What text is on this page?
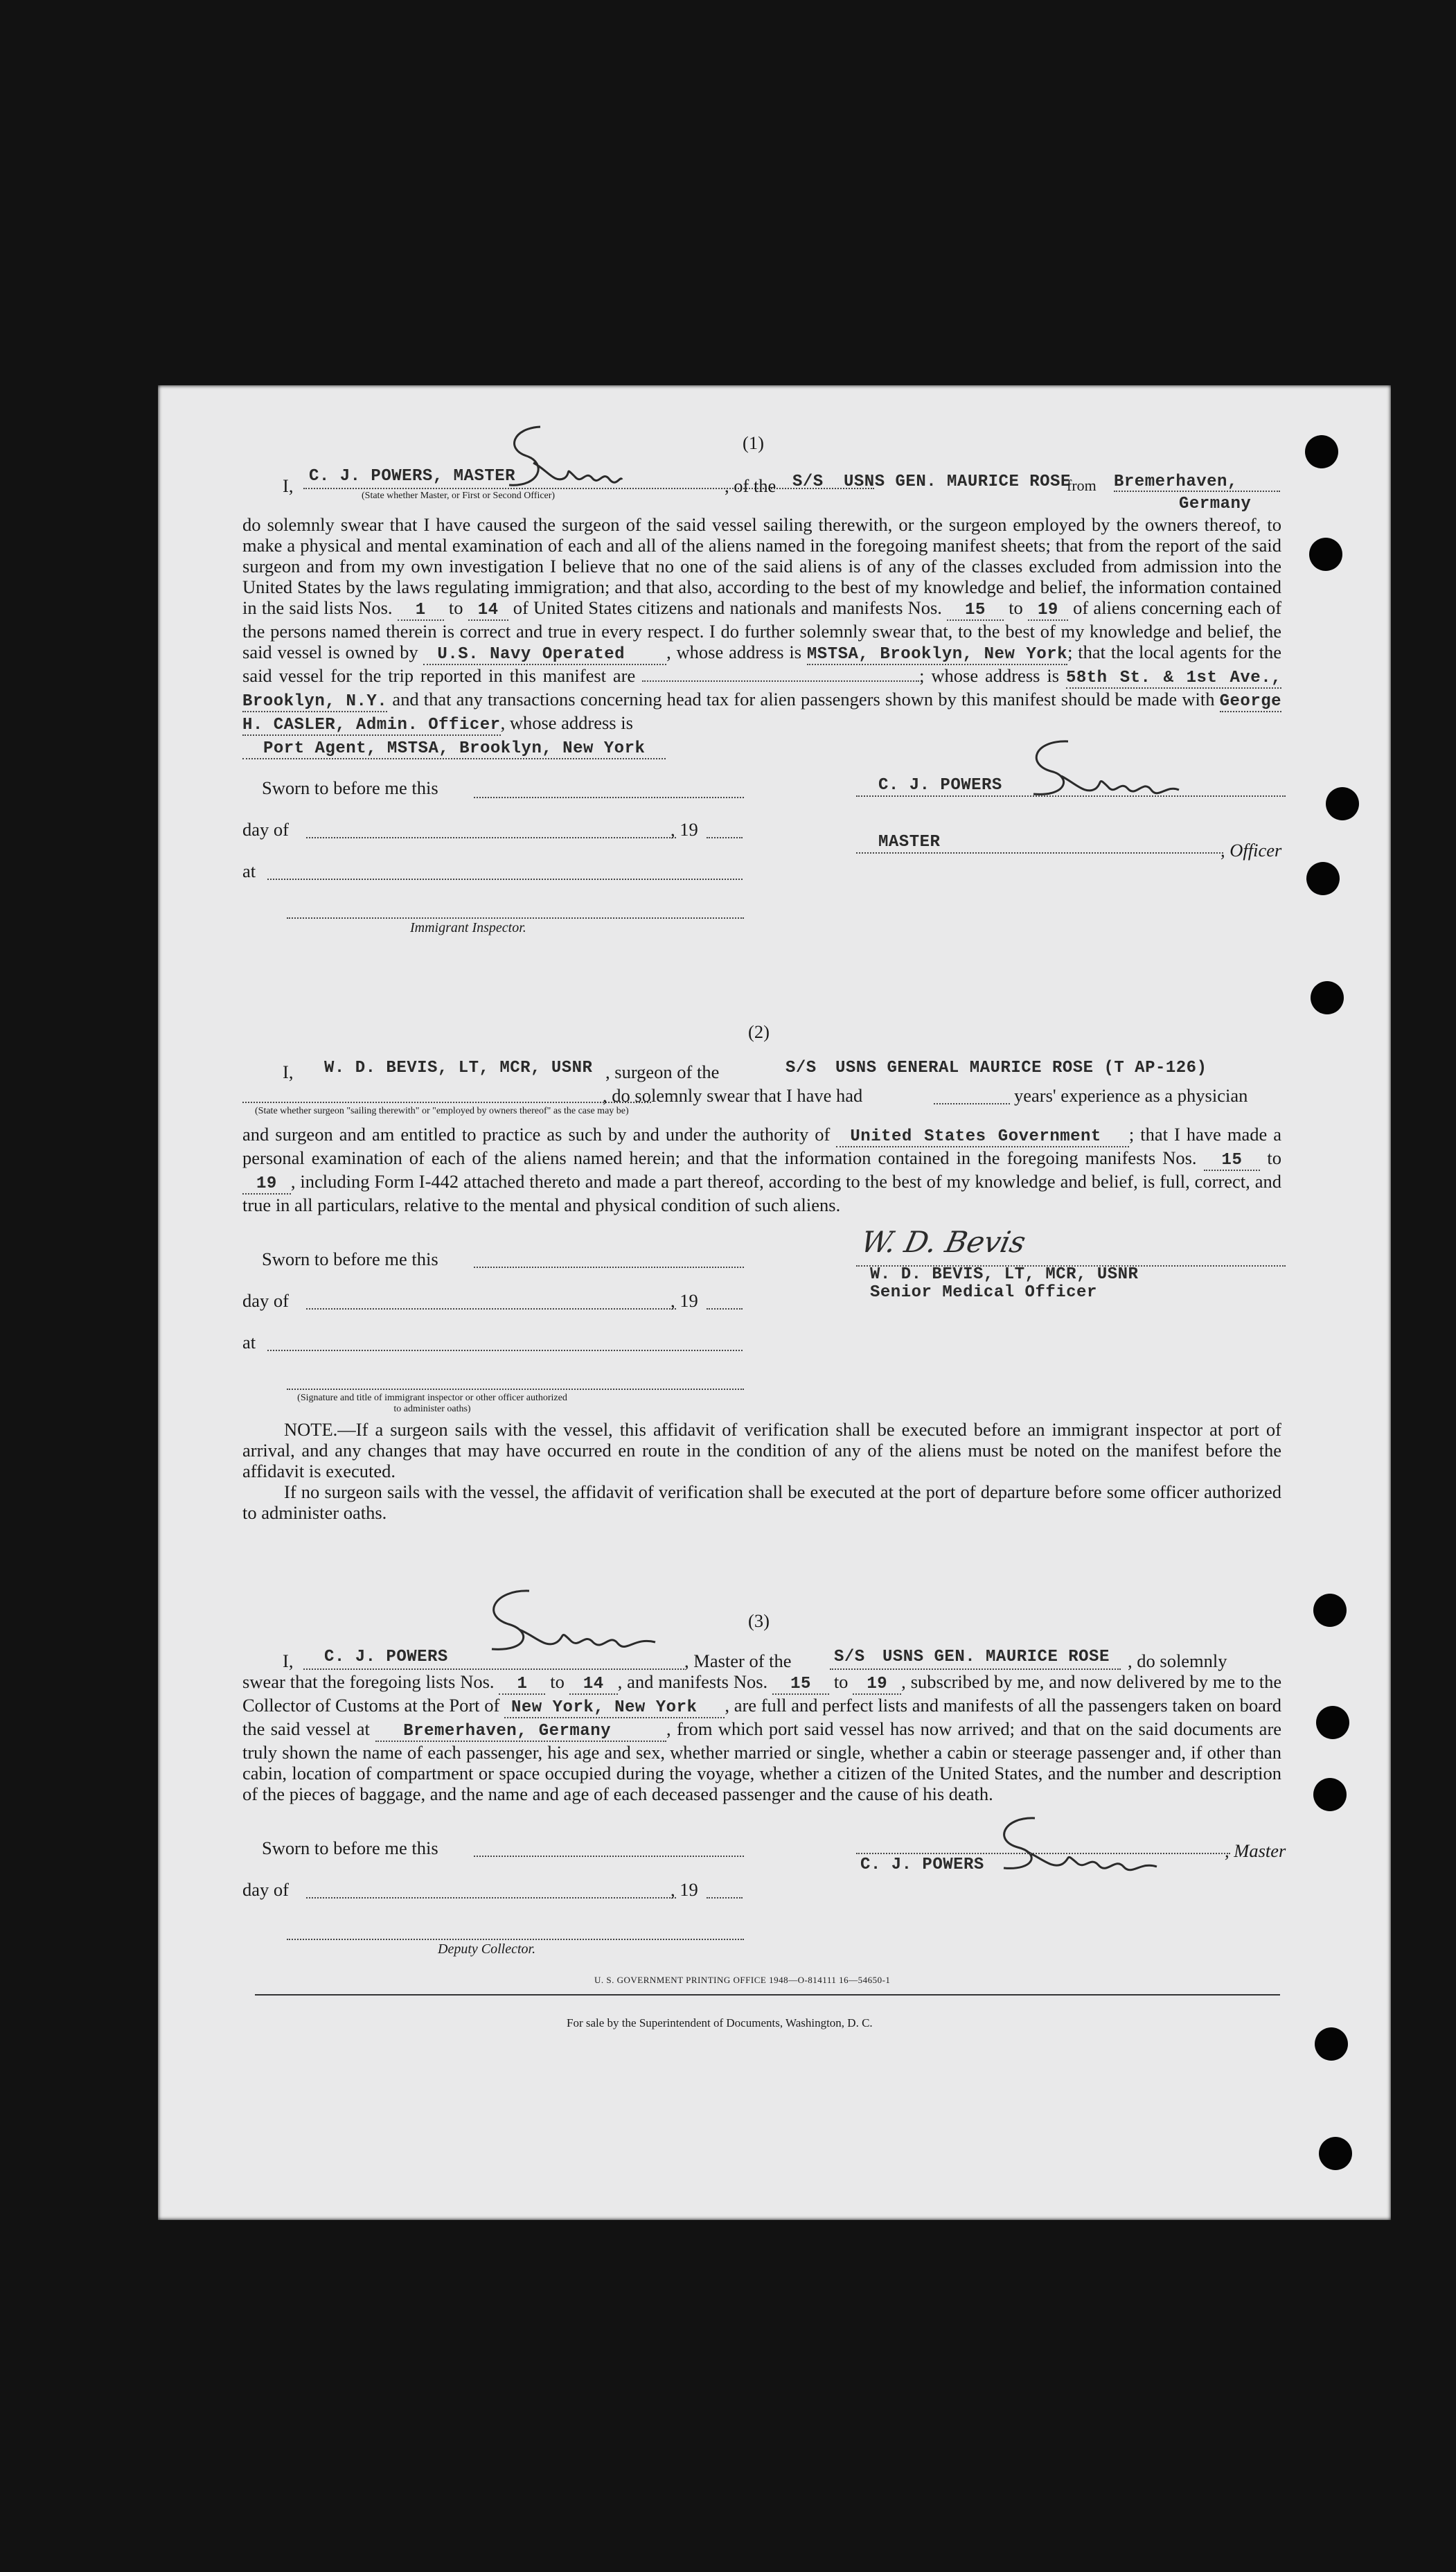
(1)
I, C. J. POWERS, MASTER
(State whether Master, or First or Second Officer)	, of the S/S USNS GEN. MAURICE ROSE
from Bremerhaven,
Germany
do solemnly swear that I have caused the surgeon of the said vessel sailing therewith, or the surgeon employed by the owners thereof, to make a physical and mental examination of each and all of the aliens named in the foregoing manifest sheets; that from the report of the said surgeon and from my own investigation I believe that no one of the said aliens is of any of the classes excluded from admission into the United States by the laws regulating immigration; and that also, according to the best of my knowledge and belief, the information contained in the said lists Nos. 1 to 14 of United States citizens and nationals and manifests Nos. 15 to 19 of aliens concerning each of the persons named therein is correct and true in every respect. I do further solemnly swear that, to the best of my knowledge and belief, the said vessel is owned by U.S. Navy Operated , whose address is MSTSA, Brooklyn, New York; that the local agents for the said vessel for the trip reported in this manifest are	; whose address is 58th St. & 1st Ave., Brooklyn, N.Y. and that any transactions concerning head tax for alien passengers shown by this manifest should be made with George H. CASLER, Admin. Officer, whose address is
Port Agent, MSTSA, Brooklyn, New York
Sworn to before me this
day of	, 19
at
Immigrant Inspector.
C. J. POWERS
MASTER	, Officer
(2)
I, W. D. BEVIS, LT, MCR, USNR , surgeon of the	S/S USNS GENERAL MAURICE ROSE (T AP-126)
, do solemnly swear that I have had	years' experience as a physician
(State whether surgeon "sailing therewith" or "employed by owners thereof" as the case may be)
and surgeon and am entitled to practice as such by and under the authority of United States Government ; that I have made a personal examination of each of the aliens named herein; and that the information contained in the foregoing manifests Nos. 15 to 19 , including Form I-442 attached thereto and made a part thereof, according to the best of my knowledge and belief, is full, correct, and true in all particulars, relative to the mental and physical condition of such aliens.
Sworn to before me this
day of	, 19
at
(Signature and title of immigrant inspector or other officer authorized to administer oaths)
W. D. Bevis
W. D. BEVIS, LT, MCR, USNR
Senior Medical Officer
NOTE.—If a surgeon sails with the vessel, this affidavit of verification shall be executed before an immigrant inspector at port of arrival, and any changes that may have occurred en route in the condition of any of the aliens must be noted on the manifest before the affidavit is executed.
If no surgeon sails with the vessel, the affidavit of verification shall be executed at the port of departure before some officer authorized to administer oaths.
(3)
I, C. J. POWERS	, Master of the	S/S USNS GEN. MAURICE ROSE , do solemnly
swear that the foregoing lists Nos. 1 to 14 , and manifests Nos. 15 to 19 , subscribed by me, and now delivered by me to the Collector of Customs at the Port of New York, New York , are full and perfect lists and manifests of all the passengers taken on board the said vessel at Bremerhaven, Germany	, from which port said vessel has now arrived; and that on the said documents are truly shown the name of each passenger, his age and sex, whether married or single, whether a cabin or steerage passenger and, if other than cabin, location of compartment or space occupied during the voyage, whether a citizen of the United States, and the number and description of the pieces of baggage, and the name and age of each deceased passenger and the cause of his death.
Sworn to before me this
day of	, 19
Deputy Collector.
C. J. POWERS
, Master
U. S. GOVERNMENT PRINTING OFFICE 1948—O-814111 16—54650-1
For sale by the Superintendent of Documents, Washington, D. C.
